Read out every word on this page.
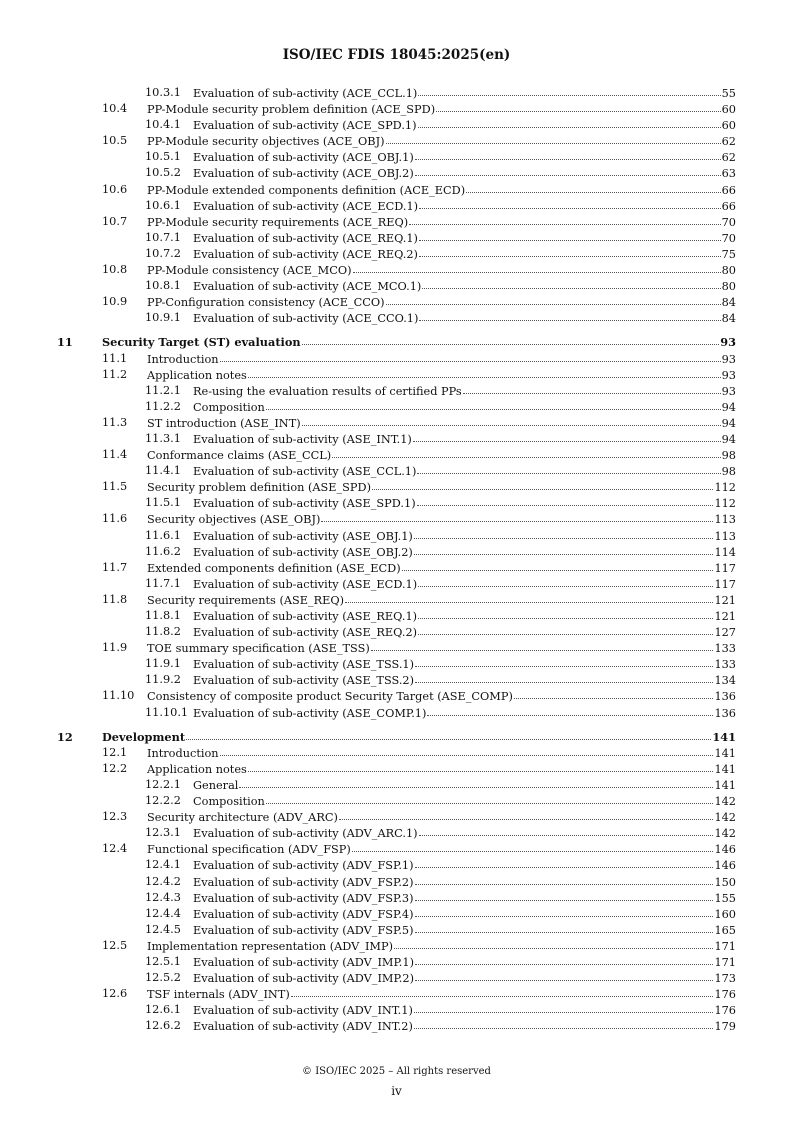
ISO/IEC FDIS 18045:2025(en)
10.3.1 Evaluation of sub-activity (ACE_CCL.1)	55
10.4 PP-Module security problem definition (ACE_SPD)	60
10.4.1 Evaluation of sub-activity (ACE_SPD.1)	60
10.5 PP-Module security objectives (ACE_OBJ)	62
10.5.1 Evaluation of sub-activity (ACE_OBJ.1)	62
10.5.2 Evaluation of sub-activity (ACE_OBJ.2)	63
10.6 PP-Module extended components definition (ACE_ECD)	66
10.6.1 Evaluation of sub-activity (ACE_ECD.1)	66
10.7 PP-Module security requirements (ACE_REQ)	70
10.7.1 Evaluation of sub-activity (ACE_REQ.1)	70
10.7.2 Evaluation of sub-activity (ACE_REQ.2)	75
10.8 PP-Module consistency (ACE_MCO)	80
10.8.1 Evaluation of sub-activity (ACE_MCO.1)	80
10.9 PP-Configuration consistency (ACE_CCO)	84
10.9.1 Evaluation of sub-activity (ACE_CCO.1)	84
11	Security Target (ST) evaluation	93
11.1 Introduction	93
11.2 Application notes	93
11.2.1 Re-using the evaluation results of certified PPs	93
11.2.2 Composition	94
11.3 ST introduction (ASE_INT)	94
11.3.1 Evaluation of sub-activity (ASE_INT.1)	94
11.4 Conformance claims (ASE_CCL)	98
11.4.1 Evaluation of sub-activity (ASE_CCL.1)	98
11.5 Security problem definition (ASE_SPD)	112
11.5.1 Evaluation of sub-activity (ASE_SPD.1)	112
11.6 Security objectives (ASE_OBJ)	113
11.6.1 Evaluation of sub-activity (ASE_OBJ.1)	113
11.6.2 Evaluation of sub-activity (ASE_OBJ.2)	114
11.7 Extended components definition (ASE_ECD)	117
11.7.1 Evaluation of sub-activity (ASE_ECD.1)	117
11.8 Security requirements (ASE_REQ)	121
11.8.1 Evaluation of sub-activity (ASE_REQ.1)	121
11.8.2 Evaluation of sub-activity (ASE_REQ.2)	127
11.9 TOE summary specification (ASE_TSS)	133
11.9.1 Evaluation of sub-activity (ASE_TSS.1)	133
11.9.2 Evaluation of sub-activity (ASE_TSS.2)	134
11.10 Consistency of composite product Security Target (ASE_COMP)	136
11.10.1 Evaluation of sub-activity (ASE_COMP.1)	136
12	Development	141
12.1 Introduction	141
12.2 Application notes	141
12.2.1 General	141
12.2.2 Composition	142
12.3 Security architecture (ADV_ARC)	142
12.3.1 Evaluation of sub-activity (ADV_ARC.1)	142
12.4 Functional specification (ADV_FSP)	146
12.4.1 Evaluation of sub-activity (ADV_FSP.1)	146
12.4.2 Evaluation of sub-activity (ADV_FSP.2)	150
12.4.3 Evaluation of sub-activity (ADV_FSP.3)	155
12.4.4 Evaluation of sub-activity (ADV_FSP.4)	160
12.4.5 Evaluation of sub-activity (ADV_FSP.5)	165
12.5 Implementation representation (ADV_IMP)	171
12.5.1 Evaluation of sub-activity (ADV_IMP.1)	171
12.5.2 Evaluation of sub-activity (ADV_IMP.2)	173
12.6 TSF internals (ADV_INT)	176
12.6.1 Evaluation of sub-activity (ADV_INT.1)	176
12.6.2 Evaluation of sub-activity (ADV_INT.2)	179
© ISO/IEC 2025 – All rights reserved
iv
